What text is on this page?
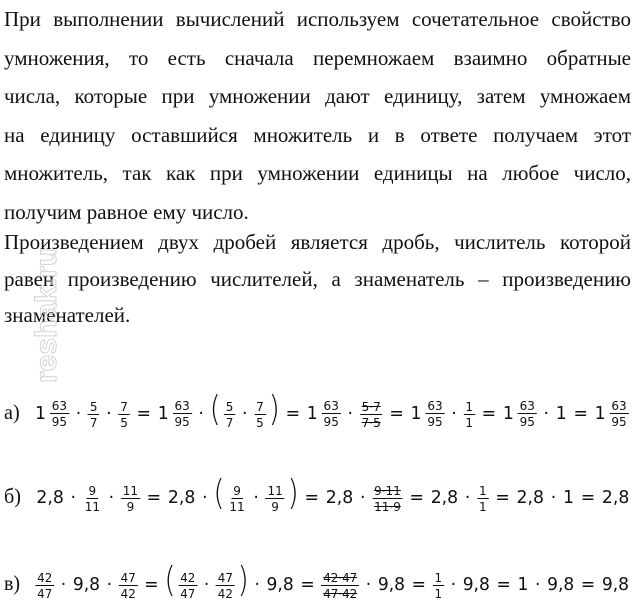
При выполнении вычислений используем сочетательное свойство
умножения, то есть сначала перемножаем взаимно обратные
числа, которые при умножении дают единицу, затем умножаем
на единицу оставшийся множитель и в ответе получаем этот
множитель, так как при умножении единицы на любое число,
получим равное ему число.
Произведением двух дробей является дробь, числитель которой
равен произведению числителей, а знаменатель – произведению
знаменателей.
reshak.ru
а) $1 \frac{63}{95} \cdot \frac{5}{7} \cdot \frac{7}{5} = 1 \frac{63}{95}$ · ( $\frac{5}{7} \cdot \frac{7}{5}$ ) = $1 \frac{63}{95} \cdot \frac{5\cdot 7}{7\cdot 5} = 1 \frac{63}{95} \cdot \frac{1}{1} = 1 \frac{63}{95} \cdot 1 = 1 \frac{63}{95}$
б) $2,8 \cdot \frac{9}{11} \cdot \frac{11}{9} = 2,8$ · ( $\frac{9}{11} \cdot \frac{11}{9}$ ) = $2,8 \cdot \frac{9\cdot 11}{11\cdot 9} = 2,8 \cdot \frac{1}{1} = 2,8 \cdot 1 = 2,8$
$в) \frac{42}{47} \cdot 9,8 \cdot \frac{47}{42}$ = ( $\frac{42}{47} \cdot \frac{47}{42}$ ) · $9,8 = \frac{42\cdot 47}{47\cdot 42} \cdot 9,8 = \frac{1}{1} \cdot 9,8 = 1 \cdot 9,8 = 9,8$
